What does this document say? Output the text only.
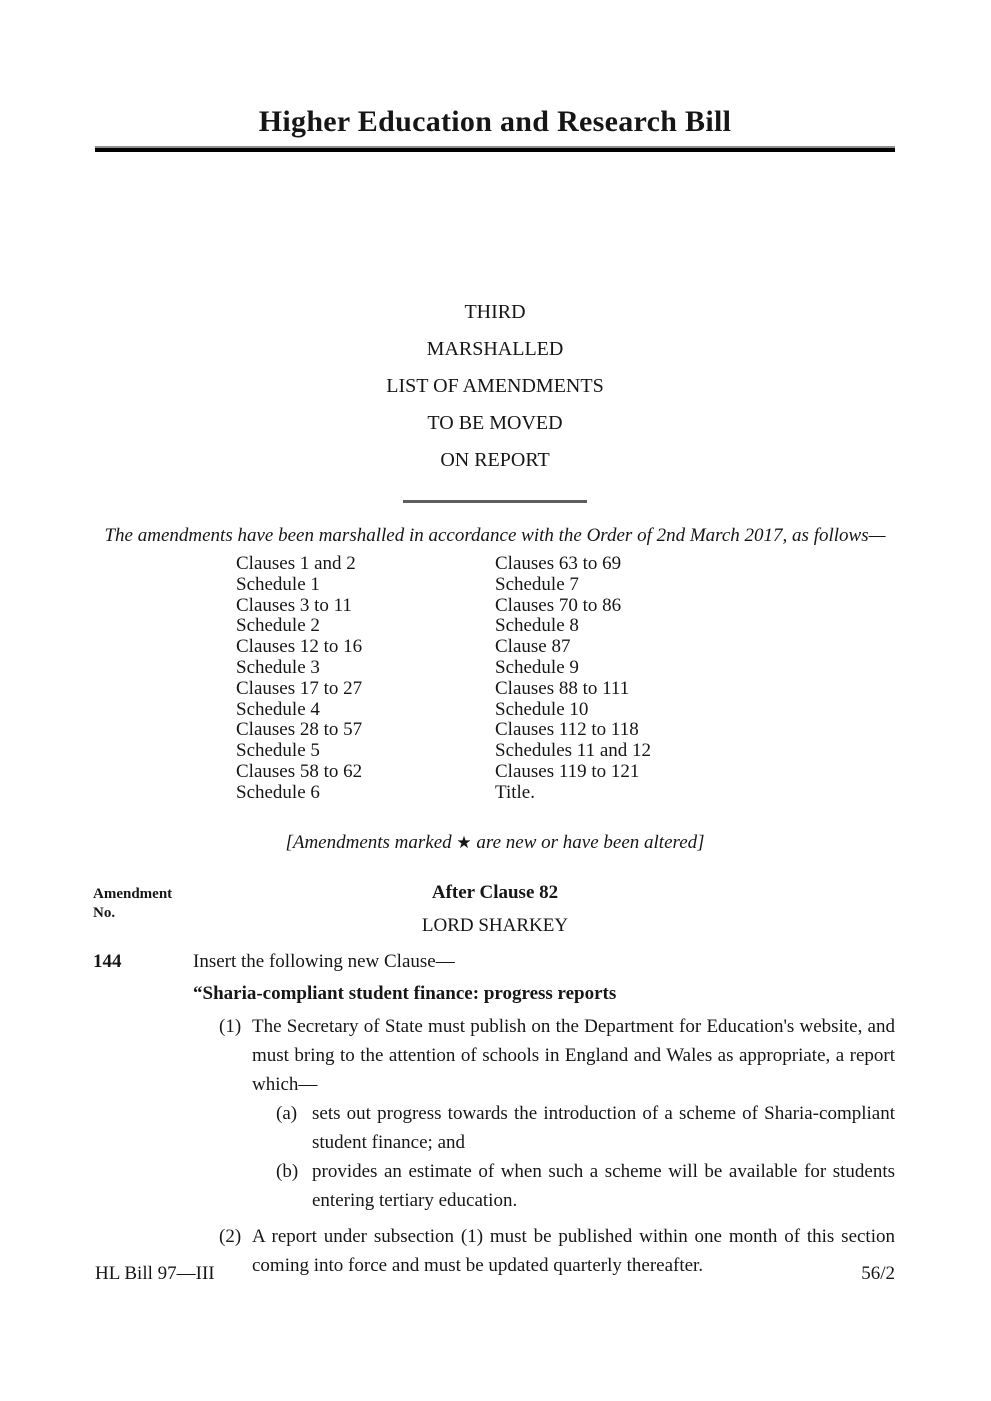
Higher Education and Research Bill
THIRD
MARSHALLED
LIST OF AMENDMENTS
TO BE MOVED
ON REPORT

The amendments have been marshalled in accordance with the Order of 2nd March 2017, as follows—

Clauses 1 and 2
Schedule 1
Clauses 3 to 11
Schedule 2
Clauses 12 to 16
Schedule 3
Clauses 17 to 27
Schedule 4
Clauses 28 to 57
Schedule 5
Clauses 58 to 62
Schedule 6
Clauses 63 to 69
Schedule 7
Clauses 70 to 86
Schedule 8
Clause 87
Schedule 9
Clauses 88 to 111
Schedule 10
Clauses 112 to 118
Schedules 11 and 12
Clauses 119 to 121
Title.

[Amendments marked ★ are new or have been altered]

Amendment
No.
After Clause 82
LORD SHARKEY
144	Insert the following new Clause—
“Sharia-compliant student finance: progress reports
(1) The Secretary of State must publish on the Department for Education's website, and must bring to the attention of schools in England and Wales as appropriate, a report which—
(a) sets out progress towards the introduction of a scheme of Sharia-compliant student finance; and
(b) provides an estimate of when such a scheme will be available for students entering tertiary education.
(2) A report under subsection (1) must be published within one month of this section coming into force and must be updated quarterly thereafter.
HL Bill 97—III	56/2
